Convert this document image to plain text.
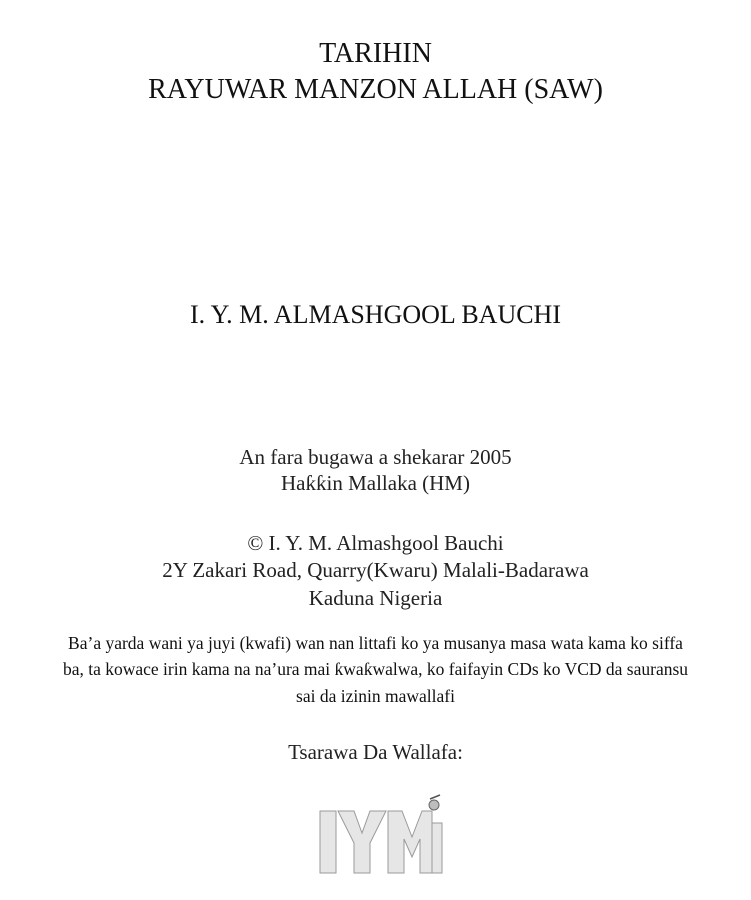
TARIHIN
RAYUWAR MANZON ALLAH (SAW)
I. Y. M. ALMASHGOOL BAUCHI
An fara bugawa a shekarar 2005
Haƙƙin Mallaka (HM)
© I. Y. M. Almashgool Bauchi
2Y Zakari Road, Quarry(Kwaru) Malali-Badarawa
Kaduna Nigeria
Ba’a yarda wani ya juyi (kwafi) wan nan littafi ko ya musanya masa wata kama ko siffa
ba, ta kowace irin kama na na’ura mai ƙwaƙwalwa, ko faifayin CDs ko VCD da sauransu
sai da izinin mawallafi
Tsarawa Da Wallafa:
